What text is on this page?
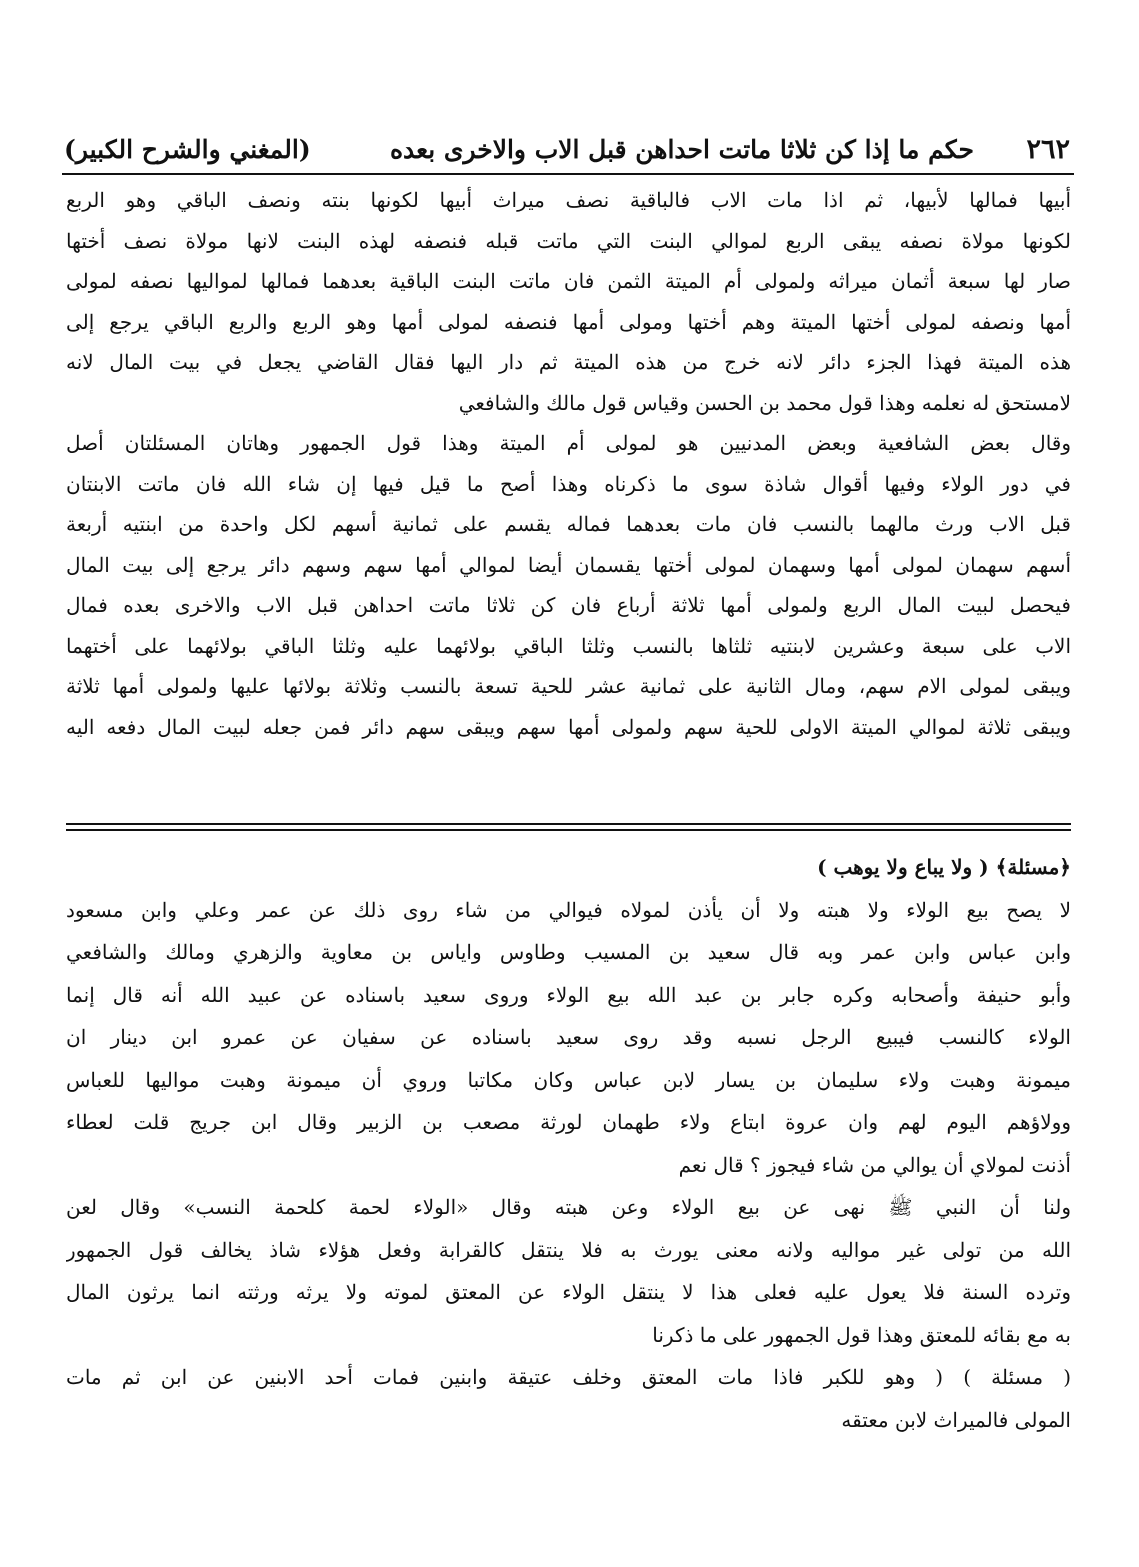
٢٦٢
حكم ما إذا كن ثلاثا ماتت احداهن قبل الاب والاخرى بعده
(المغني والشرح الكبير)
أبيها فمالها لأبيها، ثم اذا مات الاب فالباقية نصف ميراث أبيها لكونها بنته ونصف الباقي وهو الربع
لكونها مولاة نصفه يبقى الربع لموالي البنت التي ماتت قبله فنصفه لهذه البنت لانها مولاة نصف أختها
صار لها سبعة أثمان ميراثه ولمولى أم الميتة الثمن فان ماتت البنت الباقية بعدهما فمالها لمواليها نصفه لمولى
أمها ونصفه لمولى أختها الميتة وهم أختها ومولى أمها فنصفه لمولى أمها وهو الربع والربع الباقي يرجع إلى
هذه الميتة فهذا الجزء دائر لانه خرج من هذه الميتة ثم دار اليها فقال القاضي يجعل في بيت المال لانه
لامستحق له نعلمه وهذا قول محمد بن الحسن وقياس قول مالك والشافعي
وقال بعض الشافعية وبعض المدنيين هو لمولى أم الميتة وهذا قول الجمهور وهاتان المسئلتان أصل
في دور الولاء وفيها أقوال شاذة سوى ما ذكرناه وهذا أصح ما قيل فيها إن شاء الله فان ماتت الابنتان
قبل الاب ورث مالهما بالنسب فان مات بعدهما فماله يقسم على ثمانية أسهم لكل واحدة من ابنتيه أربعة
أسهم سهمان لمولى أمها وسهمان لمولى أختها يقسمان أيضا لموالي أمها سهم وسهم دائر يرجع إلى بيت المال
فيحصل لبيت المال الربع ولمولى أمها ثلاثة أرباع فان كن ثلاثا ماتت احداهن قبل الاب والاخرى بعده فمال
الاب على سبعة وعشرين لابنتيه ثلثاها بالنسب وثلثا الباقي بولائهما عليه وثلثا الباقي بولائهما على أختهما
ويبقى لمولى الام سهم، ومال الثانية على ثمانية عشر للحية تسعة بالنسب وثلاثة بولائها عليها ولمولى أمها ثلاثة
ويبقى ثلاثة لموالي الميتة الاولى للحية سهم ولمولى أمها سهم ويبقى سهم دائر فمن جعله لبيت المال دفعه اليه
﴿مسئلة﴾ ( ولا يباع ولا يوهب )
لا يصح بيع الولاء ولا هبته ولا أن يأذن لمولاه فيوالي من شاء روى ذلك عن عمر وعلي وابن مسعود
وابن عباس وابن عمر وبه قال سعيد بن المسيب وطاوس واياس بن معاوية والزهري ومالك والشافعي
وأبو حنيفة وأصحابه وكره جابر بن عبد الله بيع الولاء وروى سعيد باسناده عن عبيد الله أنه قال إنما
الولاء كالنسب فيبيع الرجل نسبه وقد روى سعيد باسناده عن سفيان عن عمرو ابن دينار ان
ميمونة وهبت ولاء سليمان بن يسار لابن عباس وكان مكاتبا وروي أن ميمونة وهبت مواليها للعباس
وولاؤهم اليوم لهم وان عروة ابتاع ولاء طهمان لورثة مصعب بن الزبير وقال ابن جريج قلت لعطاء
أذنت لمولاي أن يوالي من شاء فيجوز ؟ قال نعم
ولنا أن النبي ﷺ نهى عن بيع الولاء وعن هبته وقال «الولاء لحمة كلحمة النسب» وقال لعن
الله من تولى غير مواليه ولانه معنى يورث به فلا ينتقل كالقرابة وفعل هؤلاء شاذ يخالف قول الجمهور
وترده السنة فلا يعول عليه فعلى هذا لا ينتقل الولاء عن المعتق لموته ولا يرثه ورثته انما يرثون المال
به مع بقائه للمعتق وهذا قول الجمهور على ما ذكرنا
( مسئلة ) ( وهو للكبر فاذا مات المعتق وخلف عتيقة وابنين فمات أحد الابنين عن ابن ثم مات
المولى فالميراث لابن معتقه
